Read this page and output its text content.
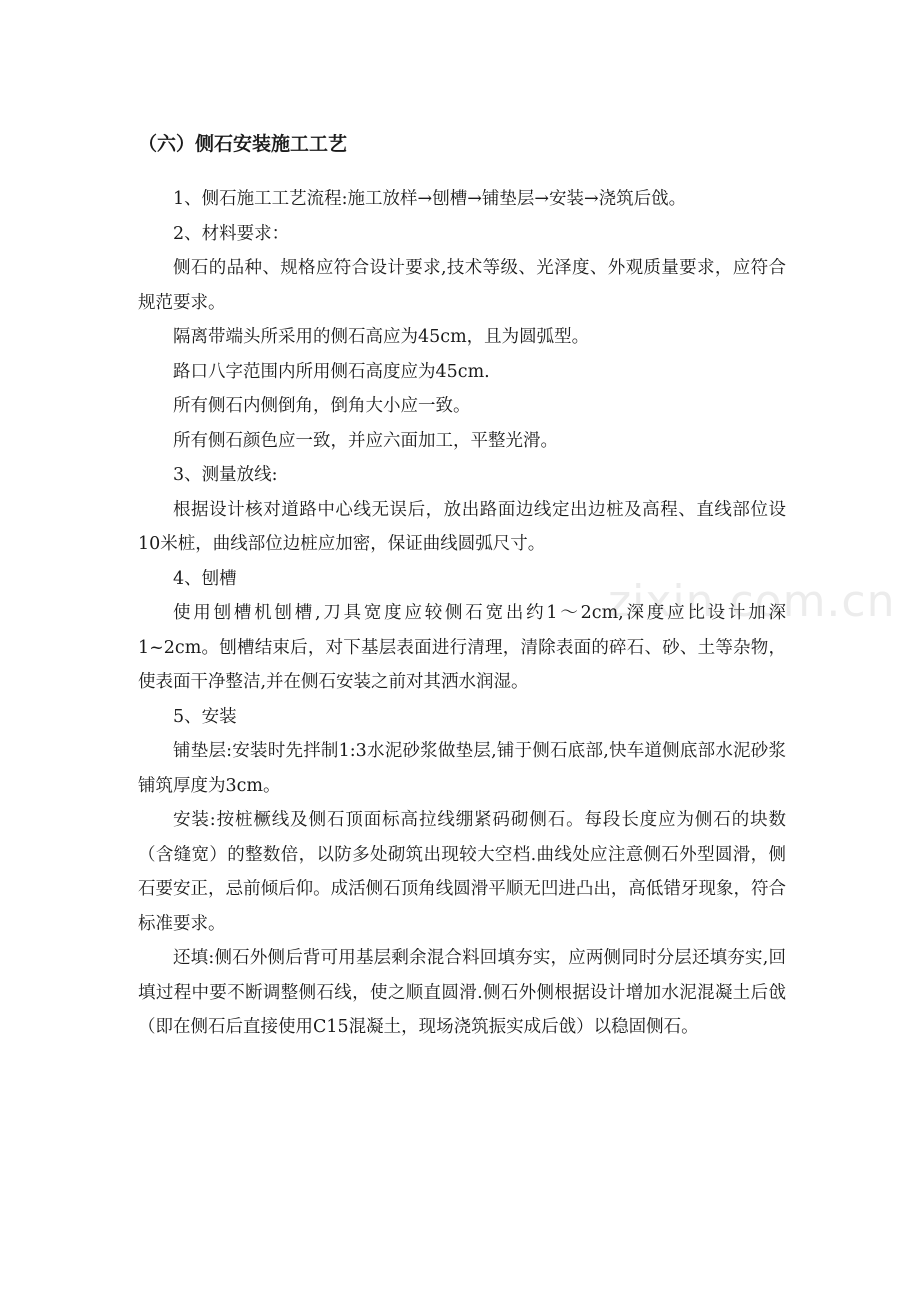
zixin.com.cn
（六）侧石安装施工工艺

1、侧石施工工艺流程:施工放样→刨槽→铺垫层→安装→浇筑后戗。

2、材料要求：

侧石的品种、规格应符合设计要求,技术等级、光泽度、外观质量要求，应符合规范要求。

隔离带端头所采用的侧石高应为45cm，且为圆弧型。

路口八字范围内所用侧石高度应为45cm.

所有侧石内侧倒角，倒角大小应一致。

所有侧石颜色应一致，并应六面加工，平整光滑。

3、测量放线:

根据设计核对道路中心线无误后，放出路面边线定出边桩及高程、直线部位设10米桩，曲线部位边桩应加密，保证曲线圆弧尺寸。

4、刨槽

使用刨槽机刨槽,刀具宽度应较侧石宽出约1～2cm,深度应比设计加深1~2cm。刨槽结束后，对下基层表面进行清理，清除表面的碎石、砂、土等杂物，使表面干净整洁,并在侧石安装之前对其洒水润湿。

5、安装

铺垫层:安装时先拌制1:3水泥砂浆做垫层,铺于侧石底部,快车道侧底部水泥砂浆铺筑厚度为3cm。

安装:按桩橛线及侧石顶面标高拉线绷紧码砌侧石。每段长度应为侧石的块数（含缝宽）的整数倍，以防多处砌筑出现较大空档.曲线处应注意侧石外型圆滑，侧石要安正，忌前倾后仰。成活侧石顶角线圆滑平顺无凹进凸出，高低错牙现象，符合标准要求。

还填:侧石外侧后背可用基层剩余混合料回填夯实，应两侧同时分层还填夯实,回填过程中要不断调整侧石线，使之顺直圆滑.侧石外侧根据设计增加水泥混凝土后戗（即在侧石后直接使用C15混凝土，现场浇筑振实成后戗）以稳固侧石。
